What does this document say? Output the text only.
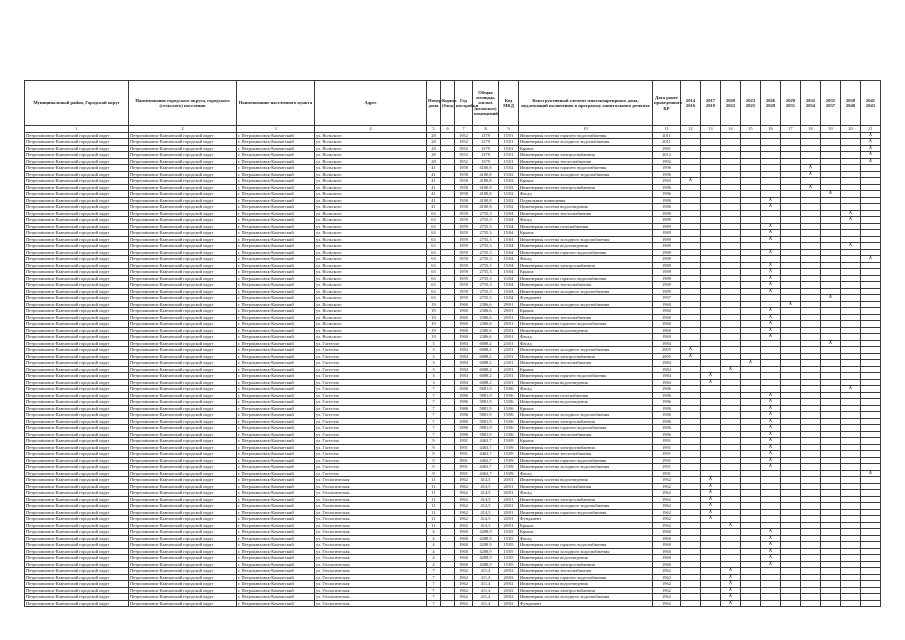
Муниципальный район, Городской округ	Наименование городского округа, городского (сельского) поселения	Наименование населенного пункта	Адрес	Номер дома	Корпус (блок)	Год постройки	Общая площадь жилых (нежилых) помещений	Код МКД	Конструктивный элемент многоквартирного дома, подлежащий включению в программу капитального ремонта	Дата ранее проведенного КР	2014 2016	2017 2019	2020 2022	2023 2025	2026 2028	2029 2031	2032 2034	2035 2037	2038 2040	2041 2043
1	2	3	4	5	6	7	8	9	10	11	12	13	14	15	16	17	18	19	20	21
Петропавловск-Камчатский городской округ	Петропавловск-Камчатский городской округ	г. Петропавловск-Камчатский	ул. Вольского	28		1952	1379	15/01	Инженерная система горячего водоснабжения	2011										X
Петропавловск-Камчатский городской округ	Петропавловск-Камчатский городской округ	г. Петропавловск-Камчатский	ул. Вольского	28		1952	1379	15/01	Инженерная система холодного водоснабжения	2011										X
Петропавловск-Камчатский городской округ	Петропавловск-Камчатский городской округ	г. Петропавловск-Камчатский	ул. Вольского	28		1952	1379	15/01	Крыша	1981										X
Петропавловск-Камчатский городской округ	Петропавловск-Камчатский городской округ	г. Петропавловск-Камчатский	ул. Вольского	28		1952	1379	15/01	Инженерная система электроснабжения	2012										X
Петропавловск-Камчатский городской округ	Петропавловск-Камчатский городской округ	г. Петропавловск-Камчатский	ул. Вольского	28		1952	1379	15/01	Инженерная система теплоснабжения	1992										X
Петропавловск-Камчатский городской округ	Петропавловск-Камчатский городской округ	г. Петропавловск-Камчатский	ул. Вольского	41		1958	4180,8	15/02	Инженерная система горячего водоснабжения	1996							X			
Петропавловск-Камчатский городской округ	Петропавловск-Камчатский городской округ	г. Петропавловск-Камчатский	ул. Вольского	41		1958	4180,8	15/02	Инженерная система холодного водоснабжения	1996							X			
Петропавловск-Камчатский городской округ	Петропавловск-Камчатский городской округ	г. Петропавловск-Камчатский	ул. Вольского	41		1958	4180,8	15/02	Крыша	1983	X									
Петропавловск-Камчатский городской округ	Петропавловск-Камчатский городской округ	г. Петропавловск-Камчатский	ул. Вольского	41		1958	4180,8	15/02	Инженерная система электроснабжения	1986							X			
Петропавловск-Камчатский городской округ	Петропавловск-Камчатский городской округ	г. Петропавловск-Камчатский	ул. Вольского	41		1958	4180,8	15/02	Фасад	1986								X		
Петропавловск-Камчатский городской округ	Петропавловск-Камчатский городской округ	г. Петропавловск-Камчатский	ул. Вольского	41		1958	4180,8	15/02	Подвальные помещения	1986					X					
Петропавловск-Камчатский городской округ	Петропавловск-Камчатский городской округ	г. Петропавловск-Камчатский	ул. Вольского	41		1958	4180,8	15/02	Инженерная система водоотведения	1986					X					
Петропавловск-Камчатский городской округ	Петропавловск-Камчатский городской округ	г. Петропавловск-Камчатский	ул. Вольского	63		1959	2755,3	15/04	Инженерная система теплоснабжения	1989									X	
Петропавловск-Камчатский городской округ	Петропавловск-Камчатский городской округ	г. Петропавловск-Камчатский	ул. Вольского	63		1959	2755,3	15/04	Фасад	1989									X	
Петропавловск-Камчатский городской округ	Петропавловск-Камчатский городской округ	г. Петропавловск-Камчатский	ул. Вольского	63		1959	2755,3	15/04	Инженерная система газоснабжения	1989					X					
Петропавловск-Камчатский городской округ	Петропавловск-Камчатский городской округ	г. Петропавловск-Камчатский	ул. Вольского	63		1959	2755,3	15/04	Крыша	1989					X					
Петропавловск-Камчатский городской округ	Петропавловск-Камчатский городской округ	г. Петропавловск-Камчатский	ул. Вольского	63		1959	2755,3	15/04	Инженерная система холодного водоснабжения	1989					X					
Петропавловск-Камчатский городской округ	Петропавловск-Камчатский городской округ	г. Петропавловск-Камчатский	ул. Вольского	63		1959	2755,3	15/04	Инженерная система водоотведения	1989									X	
Петропавловск-Камчатский городской округ	Петропавловск-Камчатский городской округ	г. Петропавловск-Камчатский	ул. Вольского	63		1959	2755,3	15/04	Инженерная система горячего водоснабжения	1989					X					
Петропавловск-Камчатский городской округ	Петропавловск-Камчатский городской округ	г. Петропавловск-Камчатский	ул. Вольского	63		1959	2755,3	15/04	Фасад	1989										X
Петропавловск-Камчатский городской округ	Петропавловск-Камчатский городской округ	г. Петропавловск-Камчатский	ул. Вольского	63		1959	2755,3	15/04	Инженерная система электроснабжения	1989					X					
Петропавловск-Камчатский городской округ	Петропавловск-Камчатский городской округ	г. Петропавловск-Камчатский	ул. Вольского	63		1959	2755,3	15/04	Крыша	1989					X					
Петропавловск-Камчатский городской округ	Петропавловск-Камчатский городской округ	г. Петропавловск-Камчатский	ул. Вольского	63		1959	2755,3	15/04	Инженерная система горячего водоснабжения	1989					X					
Петропавловск-Камчатский городской округ	Петропавловск-Камчатский городской округ	г. Петропавловск-Камчатский	ул. Вольского	63		1959	2755,3	15/04	Инженерная система теплоснабжения	1989					X					
Петропавловск-Камчатский городской округ	Петропавловск-Камчатский городской округ	г. Петропавловск-Камчатский	ул. Вольского	63		1959	2755,3	15/04	Инженерная система холодного водоснабжения	1989					X					
Петропавловск-Камчатский городской округ	Петропавловск-Камчатский городской округ	г. Петропавловск-Камчатский	ул. Вольского	63		1959	2755,3	15/04	Фундамент	1997								X		
Петропавловск-Камчатский городской округ	Петропавловск-Камчатский городской округ	г. Петропавловск-Камчатский	ул. Вольского	19		1960	2386,6	29/01	Инженерная система холодного водоснабжения	1960						X				
Петропавловск-Камчатский городской округ	Петропавловск-Камчатский городской округ	г. Петропавловск-Камчатский	ул. Вольского	19		1960	2386,6	29/01	Крыша	1960					X					
Петропавловск-Камчатский городской округ	Петропавловск-Камчатский городской округ	г. Петропавловск-Камчатский	ул. Вольского	19		1960	2386,6	29/01	Инженерная система теплоснабжения	1960					X					
Петропавловск-Камчатский городской округ	Петропавловск-Камчатский городской округ	г. Петропавловск-Камчатский	ул. Вольского	19		1960	2386,6	29/01	Инженерная система горячего водоснабжения	1960					X					
Петропавловск-Камчатский городской округ	Петропавловск-Камчатский городской округ	г. Петропавловск-Камчатский	ул. Вольского	19		1960	2386,6	29/01	Инженерная система водоотведения	1960					X					
Петропавловск-Камчатский городской округ	Петропавловск-Камчатский городской округ	г. Петропавловск-Камчатский	ул. Вольского	19		1960	2386,6	29/01	Фасад	1960					X					
Петропавловск-Камчатский городской округ	Петропавловск-Камчатский городской округ	г. Петропавловск-Камчатский	ул. Гастелло	3		1984	6088,2	23/01	Фасад	1984								X		
Петропавловск-Камчатский городской округ	Петропавловск-Камчатский городской округ	г. Петропавловск-Камчатский	ул. Гастелло	3		1984	6088,2	23/01	Инженерная система холодного водоснабжения	2005	X									
Петропавловск-Камчатский городской округ	Петропавловск-Камчатский городской округ	г. Петропавловск-Камчатский	ул. Гастелло	3		1984	6088,2	23/01	Инженерная система электроснабжения	2005	X									
Петропавловск-Камчатский городской округ	Петропавловск-Камчатский городской округ	г. Петропавловск-Камчатский	ул. Гастелло	3		1984	6088,2	23/01	Инженерная система теплоснабжения	1984				X						
Петропавловск-Камчатский городской округ	Петропавловск-Камчатский городской округ	г. Петропавловск-Камчатский	ул. Гастелло	3		1984	6088,2	23/01	Крыша	1984			X							
Петропавловск-Камчатский городской округ	Петропавловск-Камчатский городской округ	г. Петропавловск-Камчатский	ул. Гастелло	3		1984	6088,2	23/01	Инженерная система горячего водоснабжения	1984		X								
Петропавловск-Камчатский городской округ	Петропавловск-Камчатский городской округ	г. Петропавловск-Камчатский	ул. Гастелло	3		1984	6088,2	23/01	Инженерная система водоотведения	1984		X								
Петропавловск-Камчатский городской округ	Петропавловск-Камчатский городской округ	г. Петропавловск-Камчатский	ул. Гастелло	7		1986	5881,9	15/06	Фасад	1986									X	
Петропавловск-Камчатский городской округ	Петропавловск-Камчатский городской округ	г. Петропавловск-Камчатский	ул. Гастелло	7		1986	5881,9	15/06	Инженерная система газоснабжения	1986					X					
Петропавловск-Камчатский городской округ	Петропавловск-Камчатский городской округ	г. Петропавловск-Камчатский	ул. Гастелло	7		1986	5881,9	15/06	Инженерная система водоотведения	1986					X					
Петропавловск-Камчатский городской округ	Петропавловск-Камчатский городской округ	г. Петропавловск-Камчатский	ул. Гастелло	7		1986	5881,9	15/06	Крыша	1986					X					
Петропавловск-Камчатский городской округ	Петропавловск-Камчатский городской округ	г. Петропавловск-Камчатский	ул. Гастелло	7		1986	5881,9	15/06	Инженерная система холодного водоснабжения	1986					X					
Петропавловск-Камчатский городской округ	Петропавловск-Камчатский городской округ	г. Петропавловск-Камчатский	ул. Гастелло	7		1986	5881,9	15/06	Инженерная система электроснабжения	1986					X					
Петропавловск-Камчатский городской округ	Петропавловск-Камчатский городской округ	г. Петропавловск-Камчатский	ул. Гастелло	7		1986	5881,9	15/06	Инженерная система горячего водоснабжения	1986					X					
Петропавловск-Камчатский городской округ	Петропавловск-Камчатский городской округ	г. Петропавловск-Камчатский	ул. Гастелло	7		1986	5881,9	15/06	Инженерная система теплоснабжения	1986					X					
Петропавловск-Камчатский городской округ	Петропавловск-Камчатский городской округ	г. Петропавловск-Камчатский	ул. Гастелло	9		1991	4463,7	15/09	Крыша	1991					X					
Петропавловск-Камчатский городской округ	Петропавловск-Камчатский городской округ	г. Петропавловск-Камчатский	ул. Гастелло	9		1991	4463,7	15/09	Инженерная система электроснабжения	1991					X					
Петропавловск-Камчатский городской округ	Петропавловск-Камчатский городской округ	г. Петропавловск-Камчатский	ул. Гастелло	9		1991	4463,7	15/09	Инженерная система теплоснабжения	1991					X					
Петропавловск-Камчатский городской округ	Петропавловск-Камчатский городской округ	г. Петропавловск-Камчатский	ул. Гастелло	9		1991	4463,7	15/09	Инженерная система горячего водоснабжения	1991					X					
Петропавловск-Камчатский городской округ	Петропавловск-Камчатский городской округ	г. Петропавловск-Камчатский	ул. Гастелло	9		1991	4463,7	15/09	Инженерная система холодного водоснабжения	1991					X					
Петропавловск-Камчатский городской округ	Петропавловск-Камчатский городской округ	г. Петропавловск-Камчатский	ул. Гастелло	9		1991	4463,7	15/09	Фасад	1991										X
Петропавловск-Камчатский городской округ	Петропавловск-Камчатский городской округ	г. Петропавловск-Камчатский	ул. Геологическая	11		1962	414,5	20/01	Инженерная система водоотведения	1962		X								
Петропавловск-Камчатский городской округ	Петропавловск-Камчатский городской округ	г. Петропавловск-Камчатский	ул. Геологическая	11		1962	414,5	20/01	Инженерная система теплоснабжения	1962		X								
Петропавловск-Камчатский городской округ	Петропавловск-Камчатский городской округ	г. Петропавловск-Камчатский	ул. Геологическая	11		1962	414,5	20/01	Фасад	1962		X								
Петропавловск-Камчатский городской округ	Петропавловск-Камчатский городской округ	г. Петропавловск-Камчатский	ул. Геологическая	11		1962	414,5	20/01	Инженерная система электроснабжения	1962		X								
Петропавловск-Камчатский городской округ	Петропавловск-Камчатский городской округ	г. Петропавловск-Камчатский	ул. Геологическая	11		1962	414,5	20/01	Инженерная система холодного водоснабжения	1962		X								
Петропавловск-Камчатский городской округ	Петропавловск-Камчатский городской округ	г. Петропавловск-Камчатский	ул. Геологическая	11		1962	414,5	20/01	Инженерная система горячего водоснабжения	1962		X								
Петропавловск-Камчатский городской округ	Петропавловск-Камчатский городской округ	г. Петропавловск-Камчатский	ул. Геологическая	11		1962	414,5	20/01	Фундамент	1962		X								
Петропавловск-Камчатский городской округ	Петропавловск-Камчатский городской округ	г. Петропавловск-Камчатский	ул. Геологическая	11		1962	414,5	20/01	Крыша	1962			X							
Петропавловск-Камчатский городской округ	Петропавловск-Камчатский городской округ	г. Петропавловск-Камчатский	ул. Геологическая	4		1960	4288,9	15/05	Крыша	1960					X					
Петропавловск-Камчатский городской округ	Петропавловск-Камчатский городской округ	г. Петропавловск-Камчатский	ул. Геологическая	4		1960	4288,9	15/05	Фасад	1960					X					
Петропавловск-Камчатский городской округ	Петропавловск-Камчатский городской округ	г. Петропавловск-Камчатский	ул. Геологическая	4		1960	4288,9	15/05	Инженерная система горячего водоснабжения	1960					X					
Петропавловск-Камчатский городской округ	Петропавловск-Камчатский городской округ	г. Петропавловск-Камчатский	ул. Геологическая	4		1960	4288,9	15/05	Инженерная система холодного водоснабжения	1960					X					
Петропавловск-Камчатский городской округ	Петропавловск-Камчатский городской округ	г. Петропавловск-Камчатский	ул. Геологическая	4		1960	4288,9	15/05	Инженерная система водоотведения	1960					X					
Петропавловск-Камчатский городской округ	Петропавловск-Камчатский городской округ	г. Петропавловск-Камчатский	ул. Геологическая	4		1960	4288,9	15/05	Инженерная система электроснабжения	1960					X					
Петропавловск-Камчатский городской округ	Петропавловск-Камчатский городской округ	г. Петропавловск-Камчатский	ул. Геологическая	7		1962	411,4	20/02	Инженерная система теплоснабжения	1962			X							
Петропавловск-Камчатский городской округ	Петропавловск-Камчатский городской округ	г. Петропавловск-Камчатский	ул. Геологическая	7		1962	411,4	20/02	Инженерная система горячего водоснабжения	1962			X							
Петропавловск-Камчатский городской округ	Петропавловск-Камчатский городской округ	г. Петропавловск-Камчатский	ул. Геологическая	7		1962	411,4	20/02	Инженерная система водоотведения	1962			X							
Петропавловск-Камчатский городской округ	Петропавловск-Камчатский городской округ	г. Петропавловск-Камчатский	ул. Геологическая	7		1962	411,4	20/02	Инженерная система электроснабжения	1962			X							
Петропавловск-Камчатский городской округ	Петропавловск-Камчатский городской округ	г. Петропавловск-Камчатский	ул. Геологическая	7		1962	411,4	20/02	Инженерная система холодного водоснабжения	1962			X							
Петропавловск-Камчатский городской округ	Петропавловск-Камчатский городской округ	г. Петропавловск-Камчатский	ул. Геологическая	7		1962	411,4	20/02	Фундамент	1962			X							
